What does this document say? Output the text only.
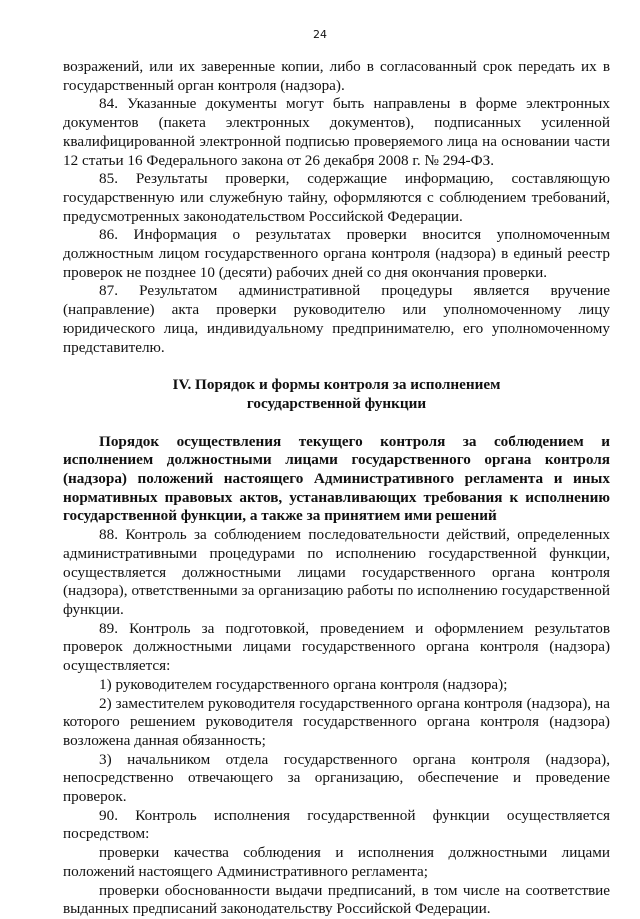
24

возражений, или их заверенные копии, либо в согласованный срок передать их в государственный орган контроля (надзора).

84. Указанные документы могут быть направлены в форме электронных документов (пакета электронных документов), подписанных усиленной квалифицированной электронной подписью проверяемого лица на основании части 12 статьи 16 Федерального закона от 26 декабря 2008 г. № 294-ФЗ.

85. Результаты проверки, содержащие информацию, составляющую государственную или служебную тайну, оформляются с соблюдением требований, предусмотренных законодательством Российской Федерации.

86. Информация о результатах проверки вносится уполномоченным должностным лицом государственного органа контроля (надзора) в единый реестр проверок не позднее 10 (десяти) рабочих дней со дня окончания проверки.

87. Результатом административной процедуры является вручение (направление) акта проверки руководителю или уполномоченному лицу юридического лица, индивидуальному предпринимателю, его уполномоченному представителю.

IV. Порядок и формы контроля за исполнением
государственной функции

Порядок осуществления текущего контроля за соблюдением и исполнением должностными лицами государственного органа контроля (надзора) положений настоящего Административного регламента и иных нормативных правовых актов, устанавливающих требования к исполнению государственной функции, а также за принятием ими решений

88. Контроль за соблюдением последовательности действий, определенных административными процедурами по исполнению государственной функции, осуществляется должностными лицами государственного органа контроля (надзора), ответственными за организацию работы по исполнению государственной функции.

89. Контроль за подготовкой, проведением и оформлением результатов проверок должностными лицами государственного органа контроля (надзора) осуществляется:

1) руководителем государственного органа контроля (надзора);

2) заместителем руководителя государственного органа контроля (надзора), на которого решением руководителя государственного органа контроля (надзора) возложена данная обязанность;

3) начальником отдела государственного органа контроля (надзора), непосредственно отвечающего за организацию, обеспечение и проведение проверок.

90. Контроль исполнения государственной функции осуществляется посредством:

проверки качества соблюдения и исполнения должностными лицами положений настоящего Административного регламента;

проверки обоснованности выдачи предписаний, в том числе на соответствие выданных предписаний законодательству Российской Федерации.
